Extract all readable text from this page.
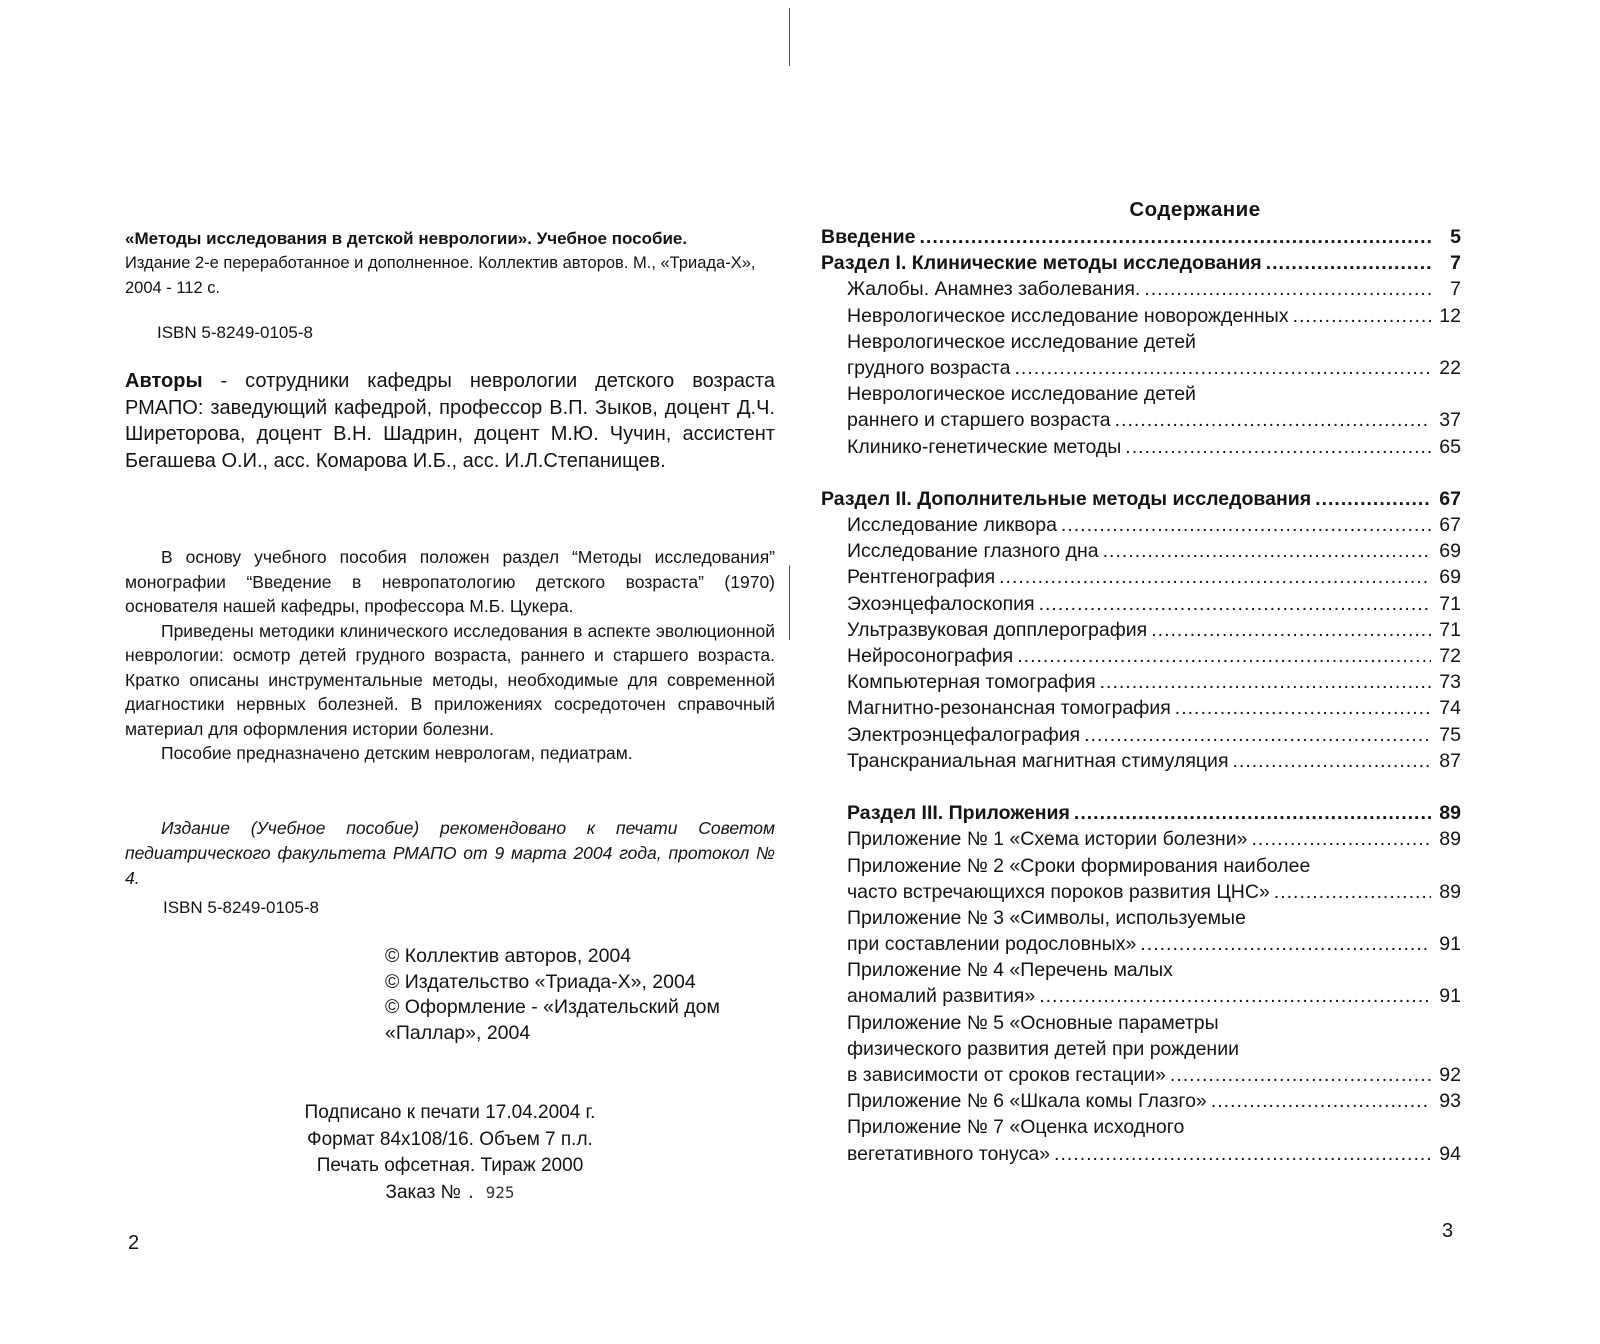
«Методы исследования в детской неврологии». Учебное пособие.
Издание 2-е переработанное и дополненное. Коллектив авторов. М., «Триада-Х», 2004 - 112 с.
ISBN 5-8249-0105-8
Авторы - сотрудники кафедры неврологии детского возраста РМАПО: заведующий кафедрой, профессор В.П. Зыков, доцент Д.Ч. Ширеторова, доцент В.Н. Шадрин, доцент М.Ю. Чучин, ассистент Бегашева О.И., асс. Комарова И.Б., асс. И.Л.Степанищев.

В основу учебного пособия положен раздел “Методы исследования” монографии “Введение в невропатологию детского возраста” (1970) основателя нашей кафедры, профессора М.Б. Цукера.

Приведены методики клинического исследования в аспекте эволюционной неврологии: осмотр детей грудного возраста, раннего и старшего возраста. Кратко описаны инструментальные методы, необходимые для современной диагностики нервных болезней. В приложениях сосредоточен справочный материал для оформления истории болезни.

Пособие предназначено детским неврологам, педиатрам.

Издание (Учебное пособие) рекомендовано к печати Советом педиатрического факультета РМАПО от 9 марта 2004 года, протокол № 4.
ISBN 5-8249-0105-8
© Коллектив авторов, 2004
© Издательство «Триада-Х», 2004
© Оформление - «Издательский дом
«Паллар», 2004
Подписано к печати 17.04.2004 г.
Формат 84x108/16. Объем 7 п.л.
Печать офсетная. Тираж 2000
Заказ № . 925
2
Содержание
Введение .....	5
Раздел I. Клинические методы исследования .....	7
Жалобы. Анамнез заболевания. .....	7
Неврологическое исследование новорожденных .....	12
Неврологическое исследование детей
грудного возраста .....	22
Неврологическое исследование детей
раннего и старшего возраста .....	37
Клинико-генетические методы .....	65
Раздел II. Дополнительные методы исследования .....	67
Исследование ликвора .....	67
Исследование глазного дна .....	69
Рентгенография .....	69
Эхоэнцефалоскопия .....	71
Ультразвуковая допплерография .....	71
Нейросонография .....	72
Компьютерная томография .....	73
Магнитно-резонансная томография .....	74
Электроэнцефалография .....	75
Транскраниальная магнитная стимуляция .....	87
Раздел III. Приложения .....	89
Приложение № 1 «Схема истории болезни» .....	89
Приложение № 2 «Сроки формирования наиболее
часто встречающихся пороков развития ЦНС» .....	89
Приложение № 3 «Символы, используемые
при составлении родословных» .....	91
Приложение № 4 «Перечень малых
аномалий развития» .....	91
Приложение № 5 «Основные параметры
физического развития детей при рождении
в зависимости от сроков гестации» .....	92
Приложение № 6 «Шкала комы Глазго» .....	93
Приложение № 7 «Оценка исходного
вегетативного тонуса» .....	94
3
